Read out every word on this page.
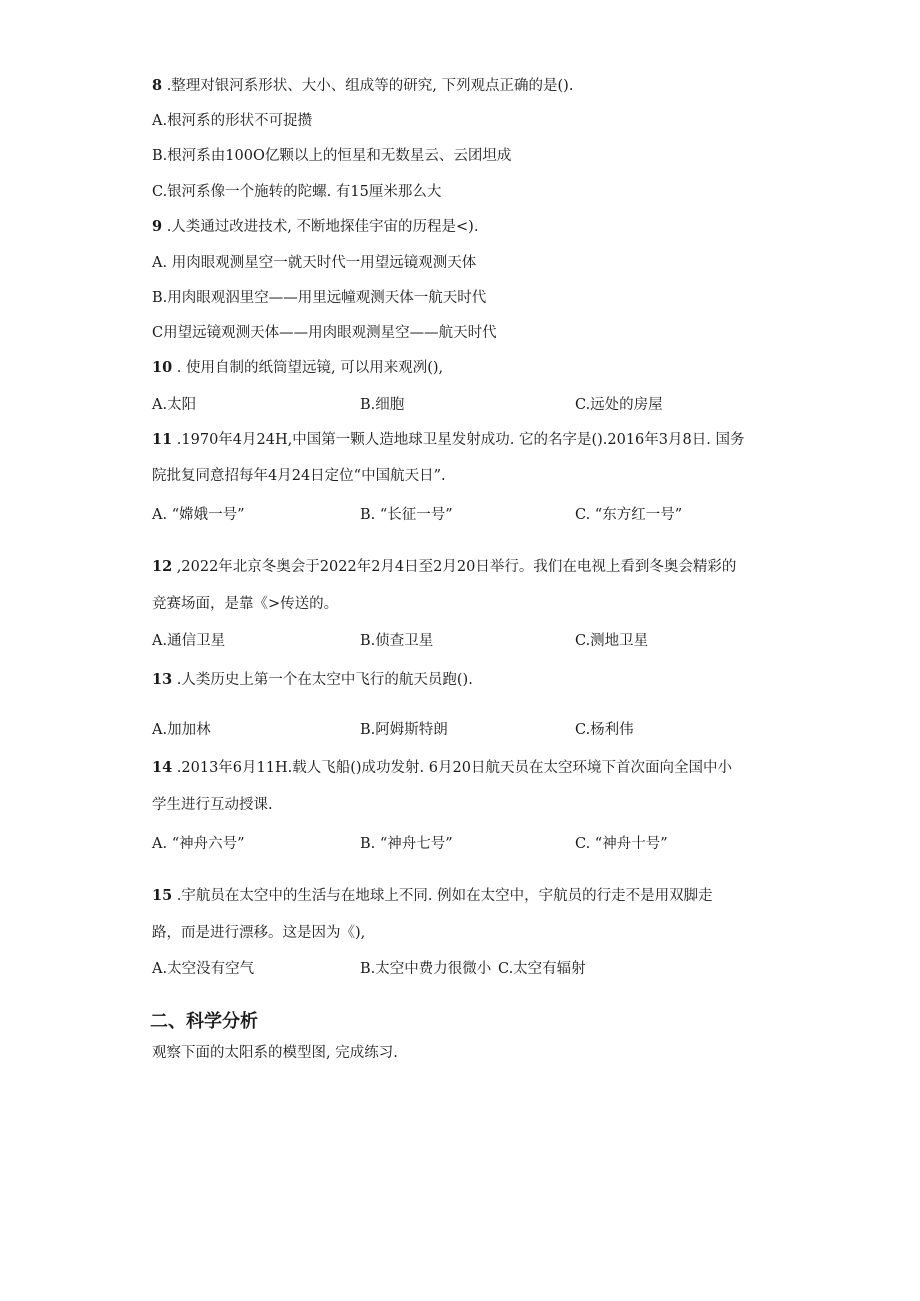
8 .整理对银河系形状、大小、组成等的研究, 下列观点正确的是().
A.根河系的形状不可捉攒
B.根河系由100O亿颗以上的恒星和无数星云、云团坦成
C.银河系像一个施转的陀螺. 有15厘米那么大
9 .人类通过改进技术, 不断地探佳宇宙的历程是<).
A. 用肉眼观测星空一就天时代一用望远镜观测天体
B.用肉眼观泅里空——用里远幢观测天体一航天时代
C用望远镜观测天体——用肉眼观测星空——航天时代
10 . 使用自制的纸筒望远镜, 可以用来观冽(),
A.太阳	B.细胞	C.远处的房屋
11 .1970年4月24H,中国第一颗人造地球卫星发射成功. 它的名字是().2016年3月8日. 国务
院批复同意招每年4月24日定位“中国航天日”.
A. “嫦娥一号”	B. “长征一号”	C. “东方红一号”
12 ,2022年北京冬奥会于2022年2月4日至2月20日举行。我们在电视上看到冬奥会精彩的
竞赛场面，是靠《>传送的。
A.通信卫星	B.侦查卫星	C.测地卫星
13 .人类历史上第一个在太空中飞行的航天员跑().
A.加加林	B.阿姆斯特朗	C.杨利伟
14 .2013年6月11H.载人飞船()成功发射. 6月20日航天员在太空环境下首次面向全国中小
学生进行互动授课.
A. “神舟六号”	B. “神舟七号”	C. “神舟十号”
15 .宇航员在太空中的生活与在地球上不同. 例如在太空中，宇航员的行走不是用双脚走
路，而是进行漂移。这是因为《),
A.太空没有空气	B.太空中费力很微小 C.太空有辐射
二、科学分析
观察下面的太阳系的模型图, 完成练习.
